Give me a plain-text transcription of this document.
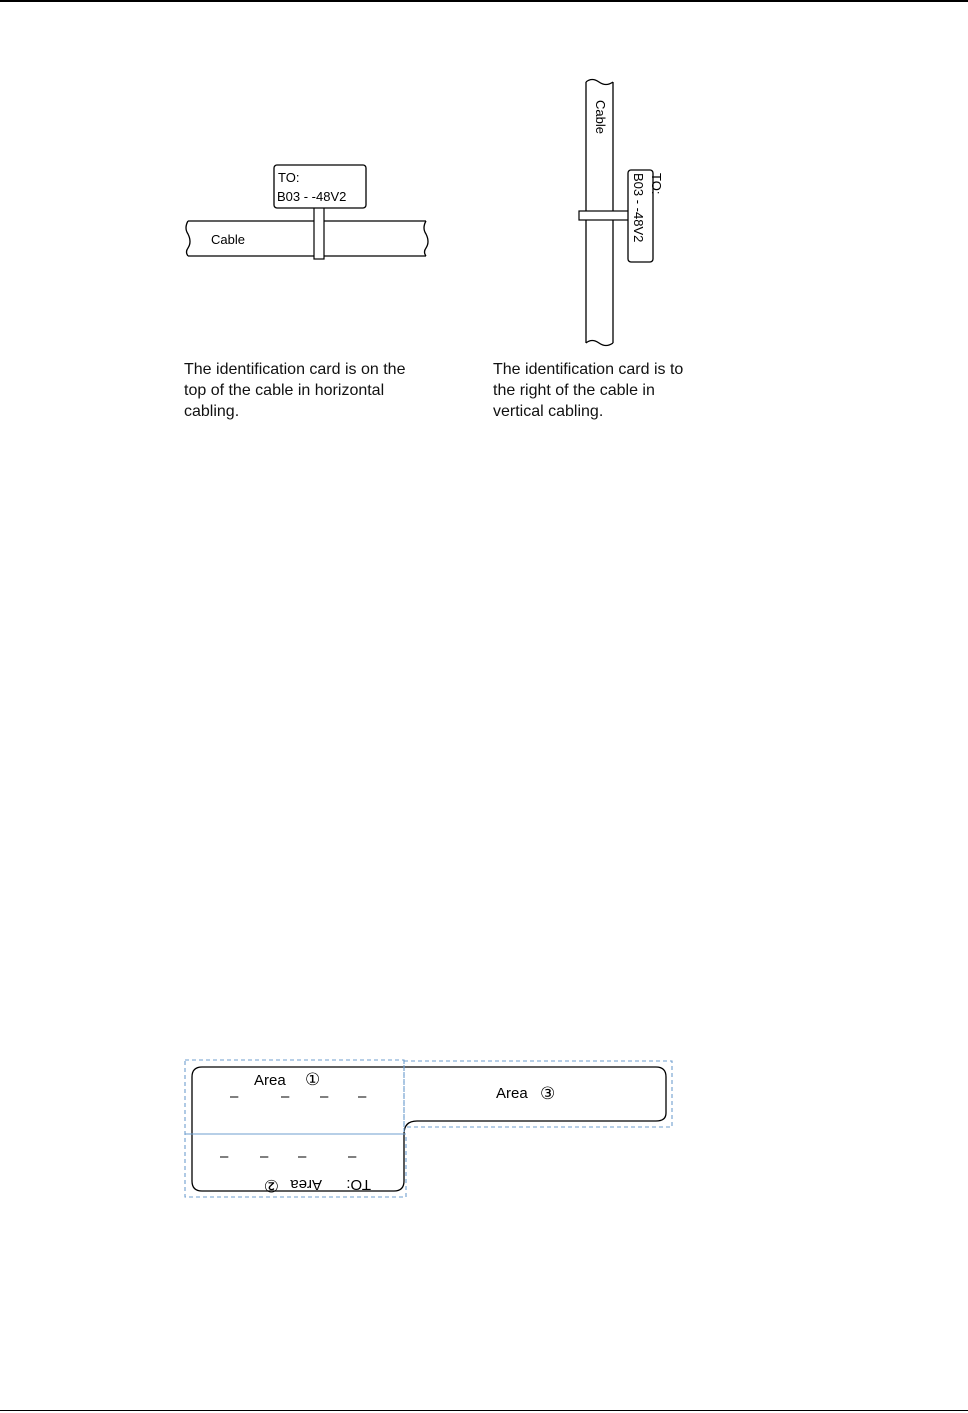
Cable
TO:
B03 - -48V2
Cable
TO:
B03 - -48V2
Area ①
–	– – –
TO:
Area
②
– – –	–
Area ③
The identification card is on the
top of the cable in horizontal
cabling.
The identification card is to
the right of the cable in
vertical cabling.
